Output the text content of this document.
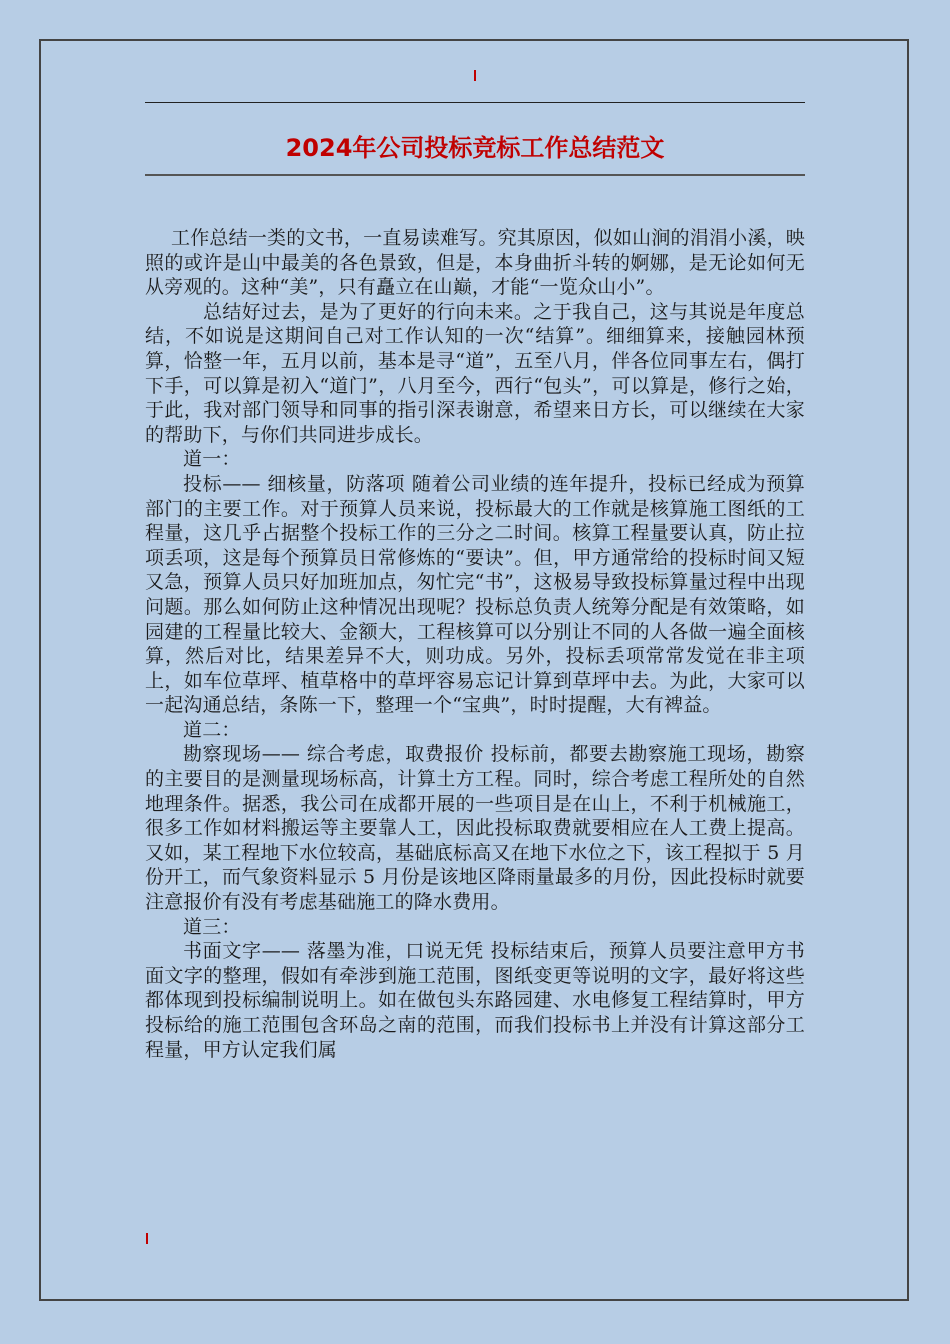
2024年公司投标竞标工作总结范文

工作总结一类的文书，一直易读难写。究其原因，似如山涧的涓涓小溪，映照的或许是山中最美的各色景致，但是，本身曲折斗转的婀娜，是无论如何无从旁观的。这种“美”，只有矗立在山巅，才能“一览众山小”。

总结好过去，是为了更好的行向未来。之于我自己，这与其说是年度总结，不如说是这期间自己对工作认知的一次“结算”。细细算来，接触园林预算，恰整一年，五月以前，基本是寻“道”，五至八月，伴各位同事左右，偶打下手，可以算是初入“道门”，八月至今，西行“包头”，可以算是，修行之始，于此，我对部门领导和同事的指引深表谢意，希望来日方长，可以继续在大家的帮助下，与你们共同进步成长。

道一：

投标—— 细核量，防落项 随着公司业绩的连年提升，投标已经成为预算部门的主要工作。对于预算人员来说，投标最大的工作就是核算施工图纸的工程量，这几乎占据整个投标工作的三分之二时间。核算工程量要认真，防止拉项丢项，这是每个预算员日常修炼的“要诀”。但，甲方通常给的投标时间又短又急，预算人员只好加班加点，匆忙完“书”，这极易导致投标算量过程中出现问题。那么如何防止这种情况出现呢？投标总负责人统筹分配是有效策略，如园建的工程量比较大、金额大，工程核算可以分别让不同的人各做一遍全面核算，然后对比，结果差异不大，则功成。另外，投标丢项常常发觉在非主项上，如车位草坪、植草格中的草坪容易忘记计算到草坪中去。为此，大家可以一起沟通总结，条陈一下，整理一个“宝典”，时时提醒，大有裨益。

道二：

勘察现场—— 综合考虑，取费报价 投标前，都要去勘察施工现场，勘察的主要目的是测量现场标高，计算土方工程。同时，综合考虑工程所处的自然地理条件。据悉，我公司在成都开展的一些项目是在山上，不利于机械施工，很多工作如材料搬运等主要靠人工，因此投标取费就要相应在人工费上提高。又如，某工程地下水位较高，基础底标高又在地下水位之下，该工程拟于 5 月份开工，而气象资料显示 5 月份是该地区降雨量最多的月份，因此投标时就要注意报价有没有考虑基础施工的降水费用。

道三：

书面文字—— 落墨为准，口说无凭 投标结束后，预算人员要注意甲方书面文字的整理，假如有牵涉到施工范围，图纸变更等说明的文字，最好将这些都体现到投标编制说明上。如在做包头东路园建、水电修复工程结算时，甲方投标给的施工范围包含环岛之南的范围，而我们投标书上并没有计算这部分工程量，甲方认定我们属
